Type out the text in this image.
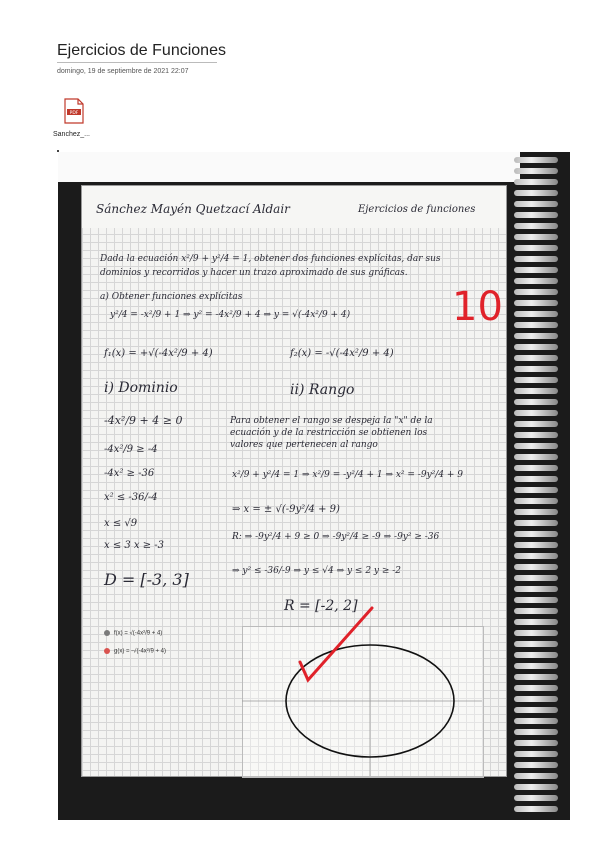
Ejercicios de Funciones
domingo, 19 de septiembre de 2021 22:07
PDF
Sanchez_...
Sánchez Mayén Quetzací Aldair	Ejercicios de funciones
Dada la ecuación x²/9 + y²/4 = 1, obtener dos funciones explícitas, dar sus
dominios y recorridos y hacer un trazo aproximado de sus gráficas.
a) Obtener funciones explícitas
y²/4 = -x²/9 + 1 ⇒ y² = -4x²/9 + 4 ⇒ y = √(-4x²/9 + 4)
f₁(x) = +√(-4x²/9 + 4)	f₂(x) = -√(-4x²/9 + 4)
i) Dominio	ii) Rango
-4x²/9 + 4 ≥ 0
-4x²/9 ≥ -4
-4x² ≥ -36
x² ≤ -36/-4
x ≤ √9
x ≤ 3 x ≥ -3
D = [-3, 3]
Para obtener el rango se despeja la "x" de la
ecuación y de la restricción se obtienen los
valores que pertenecen al rango
x²/9 + y²/4 = 1 ⇒ x²/9 = -y²/4 + 1 ⇒ x² = -9y²/4 + 9
⇒ x = ± √(-9y²/4 + 9)
R: ⇒ -9y²/4 + 9 ≥ 0 ⇒ -9y²/4 ≥ -9 ⇒ -9y² ≥ -36
⇒ y² ≤ -36/-9 ⇒ y ≤ √4 ⇒ y ≤ 2 y ≥ -2
R = [-2, 2]
10
f(x) = √(-4x²/9 + 4)
g(x) = -√(-4x²/9 + 4)
